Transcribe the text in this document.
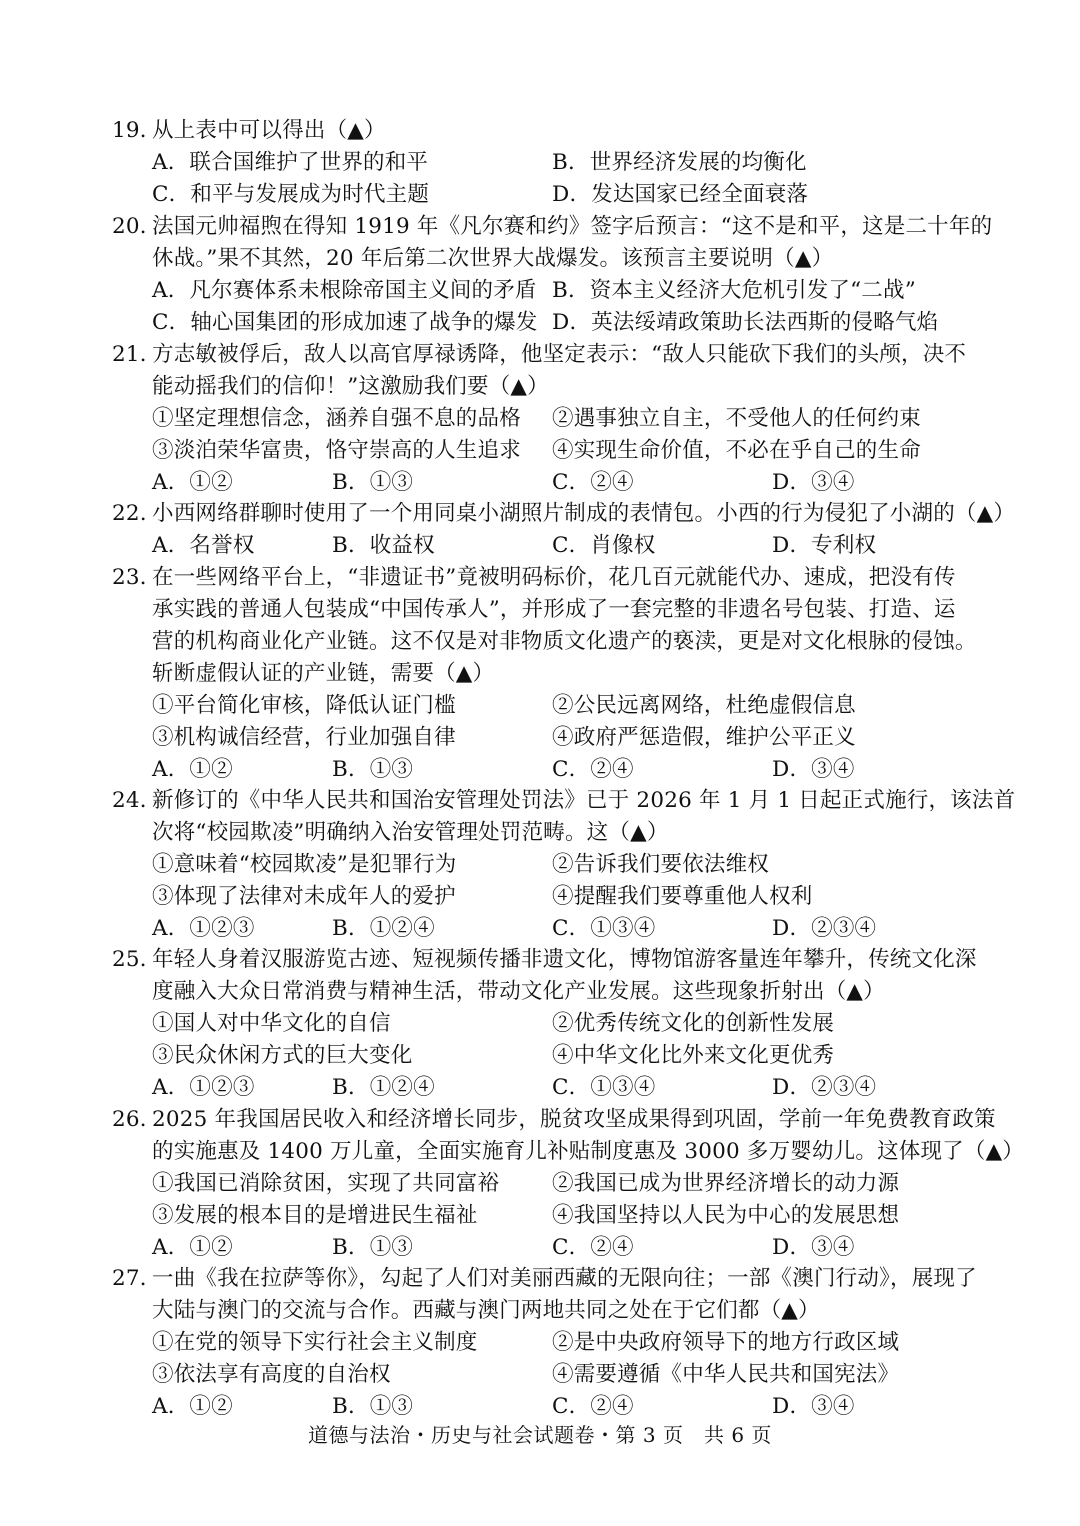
19．
从上表中可以得出（▲）
A．联合国维护了世界的和平	B．世界经济发展的均衡化
C．和平与发展成为时代主题	D．发达国家已经全面衰落
20．
法国元帅福煦在得知 1919 年《凡尔赛和约》签字后预言：“这不是和平，这是二十年的
休战。”果不其然，20 年后第二次世界大战爆发。该预言主要说明（▲）
A．凡尔赛体系未根除帝国主义间的矛盾 B．资本主义经济大危机引发了“二战”
C．轴心国集团的形成加速了战争的爆发 D．英法绥靖政策助长法西斯的侵略气焰
21．
方志敏被俘后，敌人以高官厚禄诱降，他坚定表示：“敌人只能砍下我们的头颅，决不
能动摇我们的信仰！”这激励我们要（▲）
①坚定理想信念，涵养自强不息的品格 ②遇事独立自主，不受他人的任何约束
③淡泊荣华富贵，恪守崇高的人生追求 ④实现生命价值，不必在乎自己的生命
A．①②	B．①③	C．②④	D．③④
22. 小西网络群聊时使用了一个用同桌小湖照片制成的表情包。小西的行为侵犯了小湖的（▲）
A．名誉权	B．收益权	C．肖像权	D．专利权
23．
在一些网络平台上，“非遗证书”竟被明码标价，花几百元就能代办、速成，把没有传
承实践的普通人包装成“中国传承人”，并形成了一套完整的非遗名号包装、打造、运
营的机构商业化产业链。这不仅是对非物质文化遗产的亵渎，更是对文化根脉的侵蚀。
斩断虚假认证的产业链，需要（▲）
①平台简化审核，降低认证门槛	②公民远离网络，杜绝虚假信息
③机构诚信经营，行业加强自律	④政府严惩造假，维护公平正义
A．①②	B．①③	C．②④	D．③④
24．
新修订的《中华人民共和国治安管理处罚法》已于 2026 年 1 月 1 日起正式施行，该法首
次将“校园欺凌”明确纳入治安管理处罚范畴。这（▲）
①意味着“校园欺凌”是犯罪行为	②告诉我们要依法维权
③体现了法律对未成年人的爱护	④提醒我们要尊重他人权利
A．①②③	B．①②④	C．①③④	D．②③④
25．
年轻人身着汉服游览古迹、短视频传播非遗文化，博物馆游客量连年攀升，传统文化深
度融入大众日常消费与精神生活，带动文化产业发展。这些现象折射出（▲）
①国人对中华文化的自信	②优秀传统文化的创新性发展
③民众休闲方式的巨大变化	④中华文化比外来文化更优秀
A．①②③	B．①②④	C．①③④	D．②③④
26．
2025 年我国居民收入和经济增长同步，脱贫攻坚成果得到巩固，学前一年免费教育政策
的实施惠及 1400 万儿童，全面实施育儿补贴制度惠及 3000 多万婴幼儿。这体现了（▲）
①我国已消除贫困，实现了共同富裕 ②我国已成为世界经济增长的动力源
③发展的根本目的是增进民生福祉	④我国坚持以人民为中心的发展思想
A．①②	B．①③	C．②④	D．③④
27．
一曲《我在拉萨等你》，勾起了人们对美丽西藏的无限向往；一部《澳门行动》，展现了
大陆与澳门的交流与合作。西藏与澳门两地共同之处在于它们都（▲）
①在党的领导下实行社会主义制度	②是中央政府领导下的地方行政区域
③依法享有高度的自治权	④需要遵循《中华人民共和国宪法》
A．①②	B．①③	C．②④	D．③④
道德与法治・历史与社会试题卷・第 3 页　共 6 页
